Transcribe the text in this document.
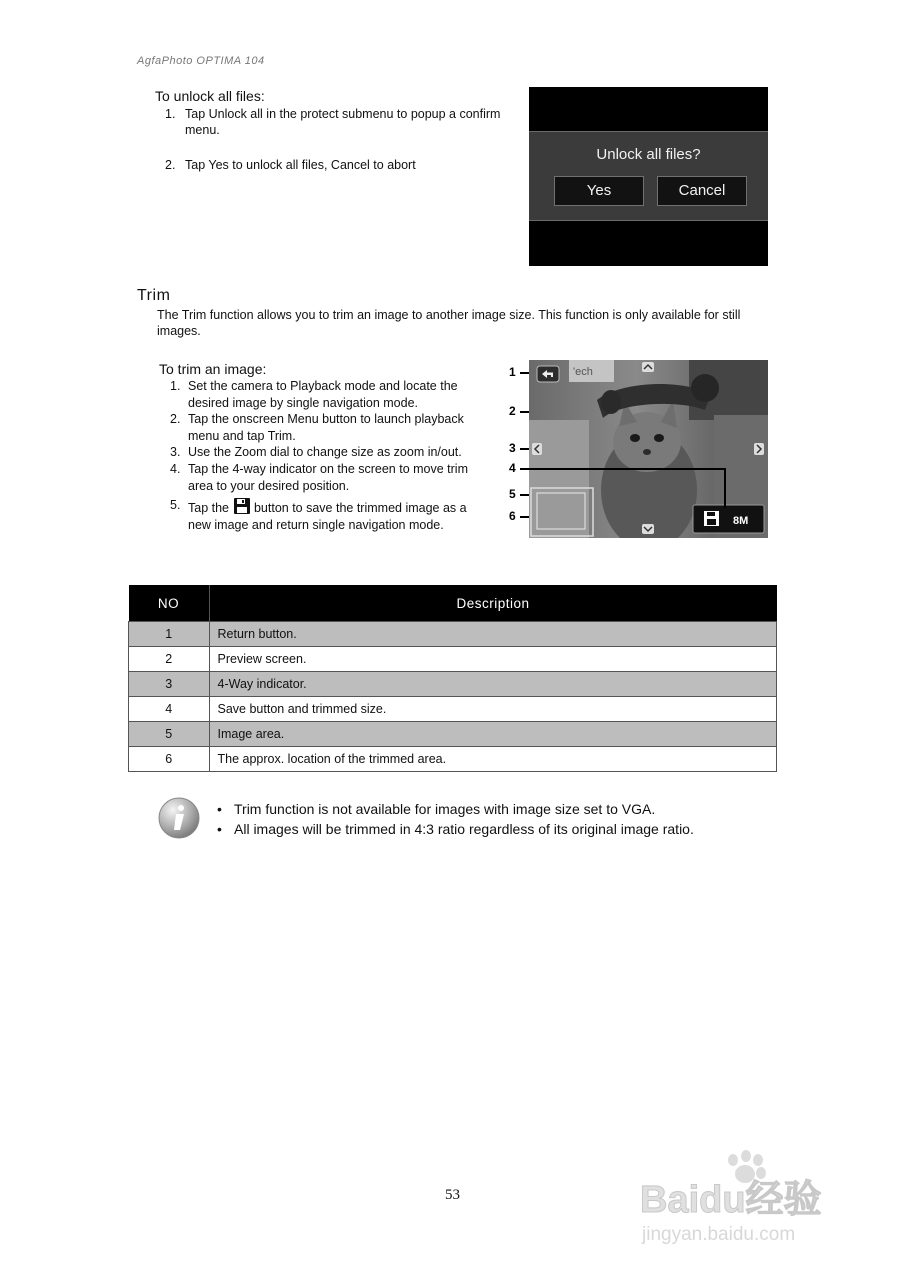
AgfaPhoto OPTIMA 104
To unlock all files:
1. Tap Unlock all in the protect submenu to popup a confirm menu.
2. Tap Yes to unlock all files, Cancel to abort
Unlock all files?
Yes	Cancel
Trim
The Trim function allows you to trim an image to another image size. This function is only available for still images.
To trim an image:
1. Set the camera to Playback mode and locate the desired image by single navigation mode.
2. Tap the onscreen Menu button to launch playback menu and tap Trim.
3. Use the Zoom dial to change size as zoom in/out.
4. Tap the 4-way indicator on the screen to move trim area to your desired position.
5. Tap the button to save the trimmed image as a new image and return single navigation mode.
1
2
3
4
5
6
'ech
8M
NO	Description
1	Return button.
2	Preview screen.
3	4-Way indicator.
4	Save button and trimmed size.
5	Image area.
6	The approx. location of the trimmed area.
• Trim function is not available for images with image size set to VGA.
• All images will be trimmed in 4:3 ratio regardless of its original image ratio.
53	Baidu经验
jingyan.baidu.com
